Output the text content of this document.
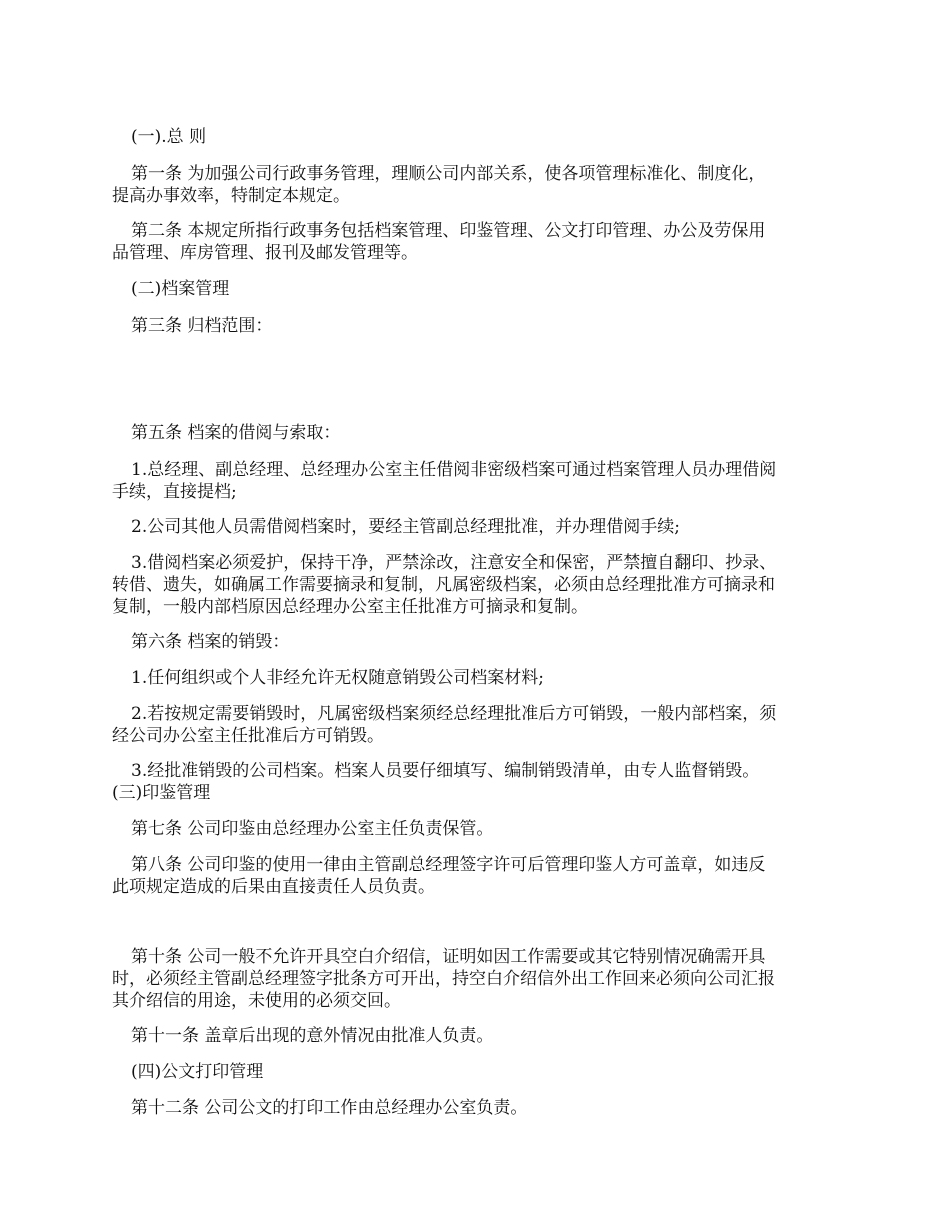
(一).总 则
第一条 为加强公司行政事务管理，理顺公司内部关系，使各项管理标准化、制度化，
提高办事效率，特制定本规定。
第二条 本规定所指行政事务包括档案管理、印鉴管理、公文打印管理、办公及劳保用
品管理、库房管理、报刊及邮发管理等。
(二)档案管理
第三条 归档范围：
第五条 档案的借阅与索取：
1.总经理、副总经理、总经理办公室主任借阅非密级档案可通过档案管理人员办理借阅
手续，直接提档;
2.公司其他人员需借阅档案时，要经主管副总经理批准，并办理借阅手续;
3.借阅档案必须爱护，保持干净，严禁涂改，注意安全和保密，严禁擅自翻印、抄录、
转借、遗失，如确属工作需要摘录和复制，凡属密级档案，必须由总经理批准方可摘录和
复制，一般内部档原因总经理办公室主任批准方可摘录和复制。
第六条 档案的销毁：
1.任何组织或个人非经允许无权随意销毁公司档案材料;
2.若按规定需要销毁时，凡属密级档案须经总经理批准后方可销毁，一般内部档案，须
经公司办公室主任批准后方可销毁。
3.经批准销毁的公司档案。档案人员要仔细填写、编制销毁清单，由专人监督销毁。
(三)印鉴管理
第七条 公司印鉴由总经理办公室主任负责保管。
第八条 公司印鉴的使用一律由主管副总经理签字许可后管理印鉴人方可盖章，如违反
此项规定造成的后果由直接责任人员负责。
第十条 公司一般不允许开具空白介绍信，证明如因工作需要或其它特别情况确需开具
时，必须经主管副总经理签字批条方可开出，持空白介绍信外出工作回来必须向公司汇报
其介绍信的用途，未使用的必须交回。
第十一条 盖章后出现的意外情况由批准人负责。
(四)公文打印管理
第十二条 公司公文的打印工作由总经理办公室负责。
